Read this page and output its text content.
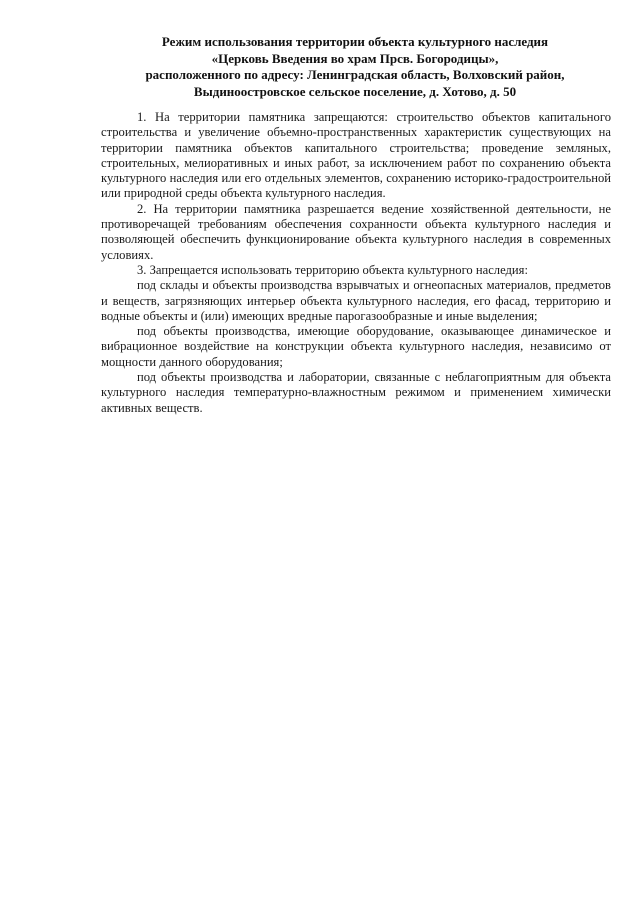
Режим использования территории объекта культурного наследия
«Церковь Введения во храм Прсв. Богородицы»,
расположенного по адресу: Ленинградская область, Волховский район,
Выдиноостровское сельское поселение, д. Хотово, д. 50

1. На территории памятника запрещаются: строительство объектов капитального строительства и увеличение объемно-пространственных характеристик существующих на территории памятника объектов капитального строительства; проведение земляных, строительных, мелиоративных и иных работ, за исключением работ по сохранению объекта культурного наследия или его отдельных элементов, сохранению историко-градостроительной или природной среды объекта культурного наследия.

2. На территории памятника разрешается ведение хозяйственной деятельности, не противоречащей требованиям обеспечения сохранности объекта культурного наследия и позволяющей обеспечить функционирование объекта культурного наследия в современных условиях.

3. Запрещается использовать территорию объекта культурного наследия:

под склады и объекты производства взрывчатых и огнеопасных материалов, предметов и веществ, загрязняющих интерьер объекта культурного наследия, его фасад, территорию и водные объекты и (или) имеющих вредные парогазообразные и иные выделения;

под объекты производства, имеющие оборудование, оказывающее динамическое и вибрационное воздействие на конструкции объекта культурного наследия, независимо от мощности данного оборудования;

под объекты производства и лаборатории, связанные с неблагоприятным для объекта культурного наследия температурно-влажностным режимом и применением химически активных веществ.
